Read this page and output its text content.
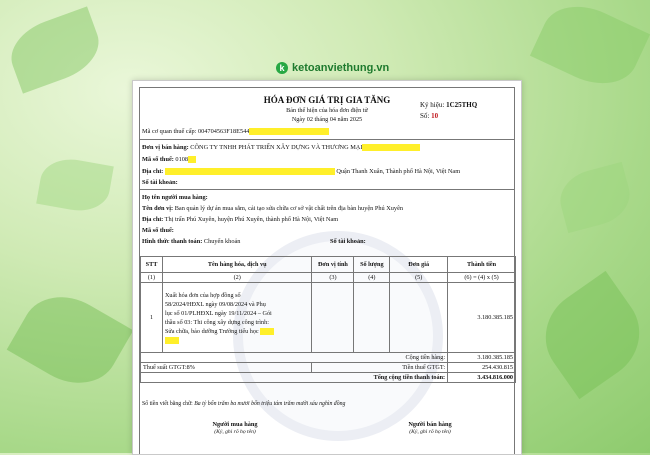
k ketoanviethung.vn
HÓA ĐƠN GIÁ TRỊ GIA TĂNG
Bản thể hiện của hóa đơn điện tử
Ngày 02 tháng 04 năm 2025
Ký hiệu: 1C25THQ
Số: 10
Mã cơ quan thuế cấp: 004704563F18E544
Đơn vị bán hàng: CÔNG TY TNHH PHÁT TRIỂN XÂY DỰNG VÀ THƯƠNG MẠI
Mã số thuế: 0108
Địa chỉ:	Quận Thanh Xuân, Thành phố Hà Nội, Việt Nam
Số tài khoản:
Họ tên người mua hàng:
Tên đơn vị: Ban quản lý dự án mua sắm, cải tạo sửa chữa cơ sở vật chất trên địa bàn huyện Phú Xuyên
Địa chỉ: Thị trấn Phú Xuyên, huyện Phú Xuyên, thành phố Hà Nội, Việt Nam
Mã số thuế:
Hình thức thanh toán: Chuyển khoản	Số tài khoản:
STT	Tên hàng hóa, dịch vụ	Đơn vị tính	Số lượng	Đơn giá	Thành tiền
(1)	(2)	(3)	(4)	(5)	(6) = (4) x (5)
1	Xuất hóa đơn của hợp đồng số
58/2024/HĐXL ngày 09/08/2024 và Phụ
lục số 01/PLHĐXL ngày 19/11/2024 – Gói
thầu số 03: Thi công xây dựng công trình:
Sửa chữa, bảo dưỡng Trường tiểu học				3.180.385.185
Cộng tiền hàng:					3.180.385.185
Thuế suất GTGT:8%		Tiền thuế GTGT:			254.430.815
Tổng cộng tiền thanh toán:					3.434.816.000
Số tiền viết bằng chữ: Ba tỷ bốn trăm ba mươi bốn triệu tám trăm mười sáu nghìn đồng
Người mua hàng
(Ký, ghi rõ họ tên)
Người bán hàng
(Ký, ghi rõ họ tên)
